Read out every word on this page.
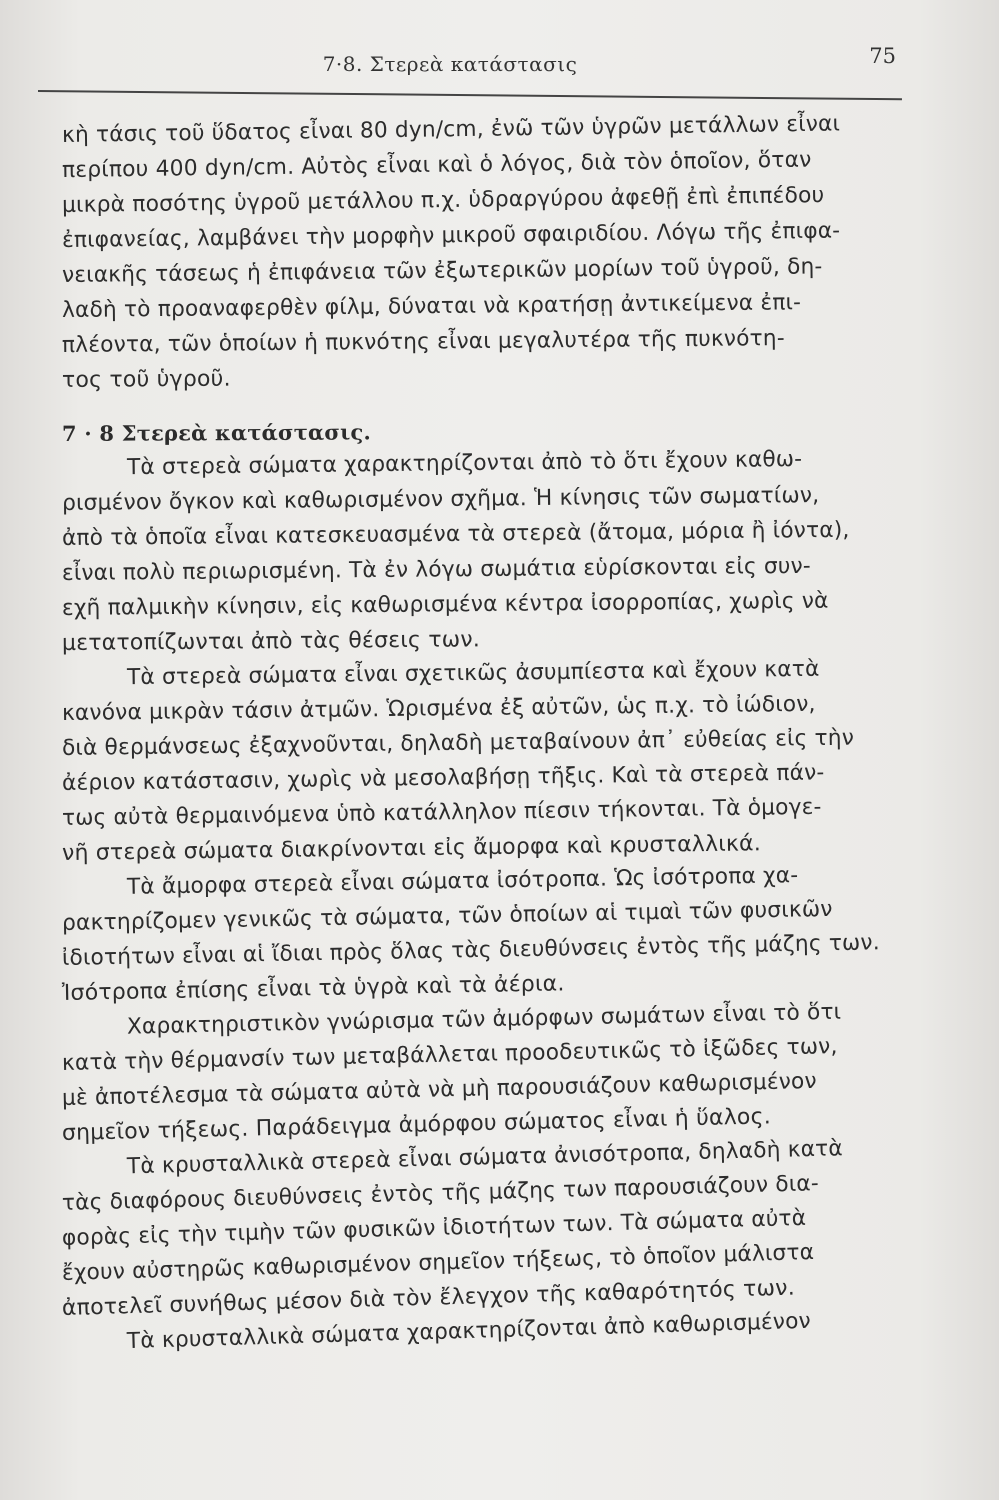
7·8. Στερεὰ κατάστασις	75
κὴ τάσις τοῦ ὕδατος εἶναι 80 dyn/cm, ἐνῶ τῶν ὑγρῶν μετάλλων εἶναι
περίπου 400 dyn/cm. Αὐτὸς εἶναι καὶ ὁ λόγος, διὰ τὸν ὁποῖον, ὅταν
μικρὰ ποσότης ὑγροῦ μετάλλου π.χ. ὑδραργύρου ἀφεθῇ ἐπὶ ἐπιπέδου
ἐπιφανείας, λαμβάνει τὴν μορφὴν μικροῦ σφαιριδίου. Λόγω τῆς ἐπιφα-
νειακῆς τάσεως ἡ ἐπιφάνεια τῶν ἐξωτερικῶν μορίων τοῦ ὑγροῦ, δη-
λαδὴ τὸ προαναφερθὲν φίλμ, δύναται νὰ κρατήσῃ ἀντικείμενα ἐπι-
πλέοντα, τῶν ὁποίων ἡ πυκνότης εἶναι μεγαλυτέρα τῆς πυκνότη-
τος τοῦ ὑγροῦ.
7 · 8 Στερεὰ κατάστασις.
Τὰ στερεὰ σώματα χαρακτηρίζονται ἀπὸ τὸ ὅτι ἔχουν καθω-
ρισμένον ὄγκον καὶ καθωρισμένον σχῆμα. Ἡ κίνησις τῶν σωματίων,
ἀπὸ τὰ ὁποῖα εἶναι κατεσκευασμένα τὰ στερεὰ (ἄτομα, μόρια ἢ ἰόντα),
εἶναι πολὺ περιωρισμένη. Τὰ ἐν λόγω σωμάτια εὑρίσκονται εἰς συν-
εχῆ παλμικὴν κίνησιν, εἰς καθωρισμένα κέντρα ἰσορροπίας, χωρὶς νὰ
μετατοπίζωνται ἀπὸ τὰς θέσεις των.
Τὰ στερεὰ σώματα εἶναι σχετικῶς ἀσυμπίεστα καὶ ἔχουν κατὰ
κανόνα μικρὰν τάσιν ἀτμῶν. Ὡρισμένα ἐξ αὐτῶν, ὡς π.χ. τὸ ἰώδιον,
διὰ θερμάνσεως ἐξαχνοῦνται, δηλαδὴ μεταβαίνουν ἀπ᾽ εὐθείας εἰς τὴν
ἀέριον κατάστασιν, χωρὶς νὰ μεσολαβήσῃ τῆξις. Καὶ τὰ στερεὰ πάν-
τως αὐτὰ θερμαινόμενα ὑπὸ κατάλληλον πίεσιν τήκονται. Τὰ ὁμογε-
νῆ στερεὰ σώματα διακρίνονται εἰς ἄμορφα καὶ κρυσταλλικά.
Τὰ ἄμορφα στερεὰ εἶναι σώματα ἰσότροπα. Ὡς ἰσότροπα χα-
ρακτηρίζομεν γενικῶς τὰ σώματα, τῶν ὁποίων αἱ τιμαὶ τῶν φυσικῶν
ἰδιοτήτων εἶναι αἱ ἴδιαι πρὸς ὅλας τὰς διευθύνσεις ἐντὸς τῆς μάζης των.
Ἰσότροπα ἐπίσης εἶναι τὰ ὑγρὰ καὶ τὰ ἀέρια.
Χαρακτηριστικὸν γνώρισμα τῶν ἀμόρφων σωμάτων εἶναι τὸ ὅτι
κατὰ τὴν θέρμανσίν των μεταβάλλεται προοδευτικῶς τὸ ἰξῶδες των,
μὲ ἀποτέλεσμα τὰ σώματα αὐτὰ νὰ μὴ παρουσιάζουν καθωρισμένον
σημεῖον τήξεως. Παράδειγμα ἀμόρφου σώματος εἶναι ἡ ὕαλος.
Τὰ κρυσταλλικὰ στερεὰ εἶναι σώματα ἀνισότροπα, δηλαδὴ κατὰ
τὰς διαφόρους διευθύνσεις ἐντὸς τῆς μάζης των παρουσιάζουν δια-
φορὰς εἰς τὴν τιμὴν τῶν φυσικῶν ἰδιοτήτων των. Τὰ σώματα αὐτὰ
ἔχουν αὐστηρῶς καθωρισμένον σημεῖον τήξεως, τὸ ὁποῖον μάλιστα
ἀποτελεῖ συνήθως μέσον διὰ τὸν ἔλεγχον τῆς καθαρότητός των.
Τὰ κρυσταλλικὰ σώματα χαρακτηρίζονται ἀπὸ καθωρισμένον
